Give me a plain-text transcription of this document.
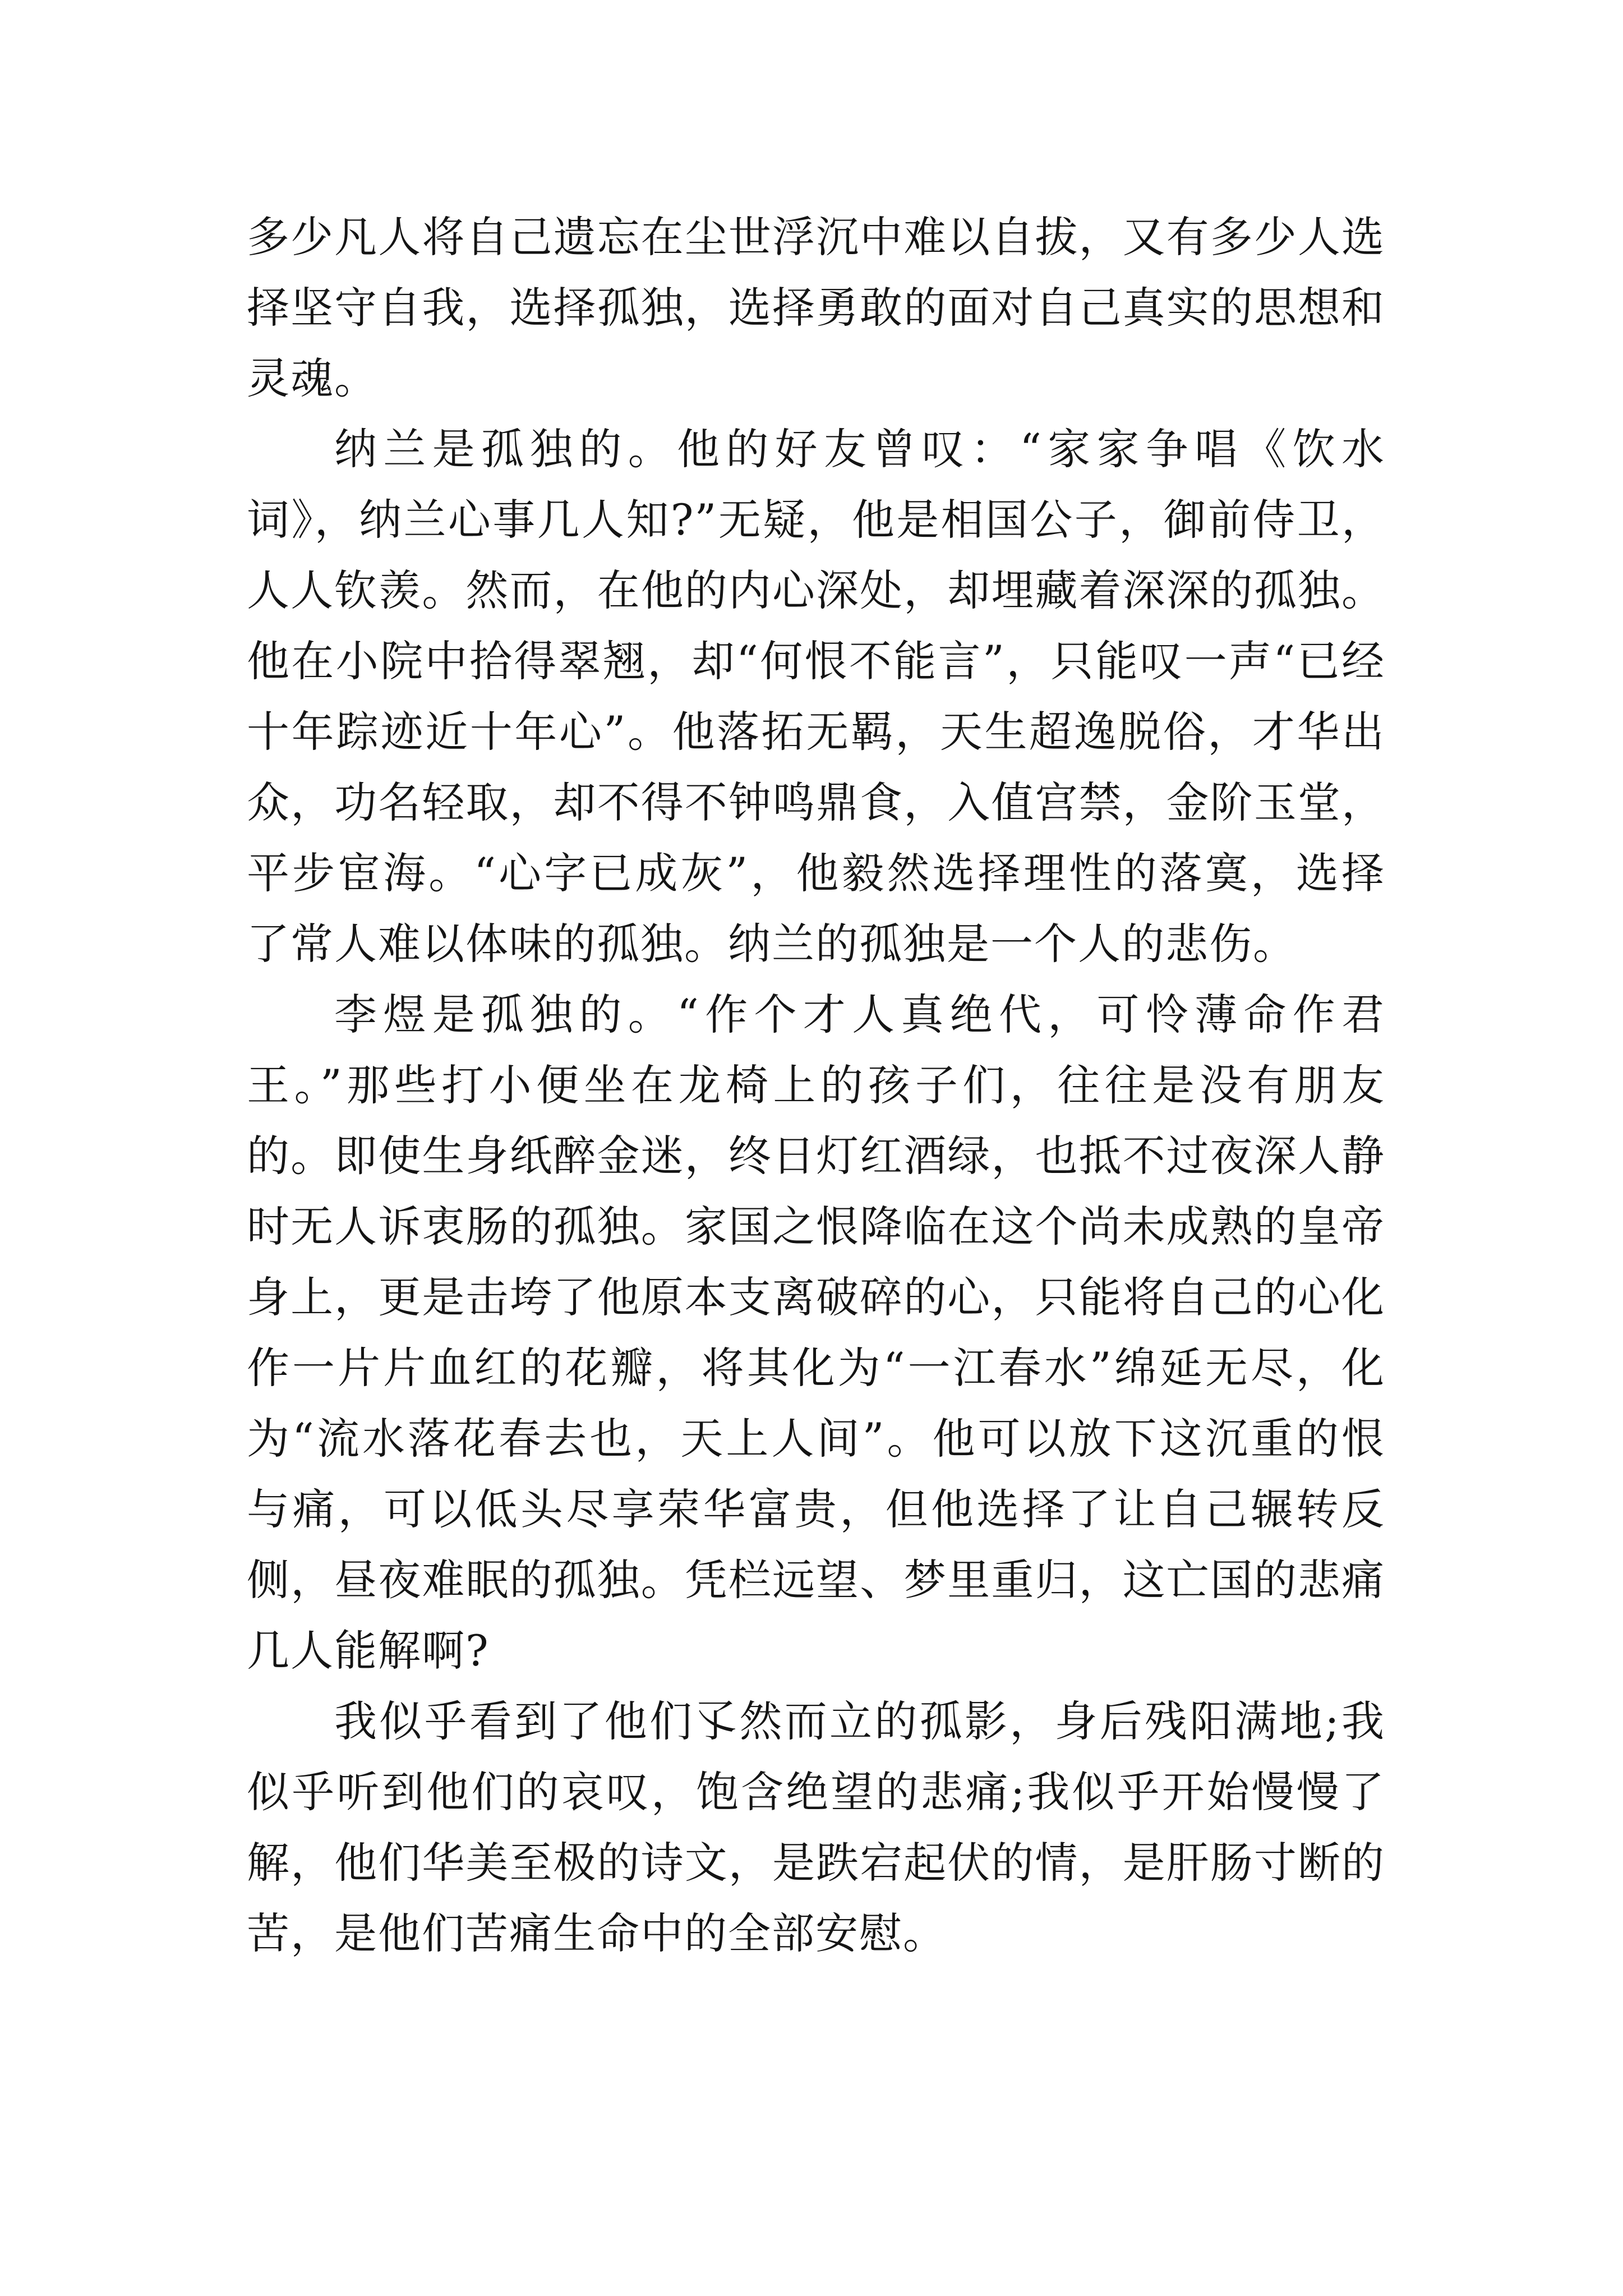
多少凡人将自己遗忘在尘世浮沉中难以自拔，又有多少人选择坚守自我，选择孤独，选择勇敢的面对自己真实的思想和灵魂。

纳兰是孤独的。他的好友曾叹：“家家争唱《饮水词》，纳兰心事几人知?”无疑，他是相国公子，御前侍卫，人人钦羡。然而，在他的内心深处，却埋藏着深深的孤独。他在小院中拾得翠翘，却“何恨不能言”，只能叹一声“已经十年踪迹近十年心”。他落拓无羁，天生超逸脱俗，才华出众，功名轻取，却不得不钟鸣鼎食，入值宫禁，金阶玉堂，平步宦海。“心字已成灰”，他毅然选择理性的落寞，选择了常人难以体味的孤独。纳兰的孤独是一个人的悲伤。

李煜是孤独的。“作个才人真绝代，可怜薄命作君王。”那些打小便坐在龙椅上的孩子们，往往是没有朋友的。即使生身纸醉金迷，终日灯红酒绿，也抵不过夜深人静时无人诉衷肠的孤独。家国之恨降临在这个尚未成熟的皇帝身上，更是击垮了他原本支离破碎的心，只能将自己的心化作一片片血红的花瓣，将其化为“一江春水”绵延无尽，化为“流水落花春去也，天上人间”。他可以放下这沉重的恨与痛，可以低头尽享荣华富贵，但他选择了让自己辗转反侧，昼夜难眠的孤独。凭栏远望、梦里重归，这亡国的悲痛几人能解啊?

我似乎看到了他们孓然而立的孤影，身后残阳满地;我似乎听到他们的哀叹，饱含绝望的悲痛;我似乎开始慢慢了解，他们华美至极的诗文，是跌宕起伏的情，是肝肠寸断的苦，是他们苦痛生命中的全部安慰。
